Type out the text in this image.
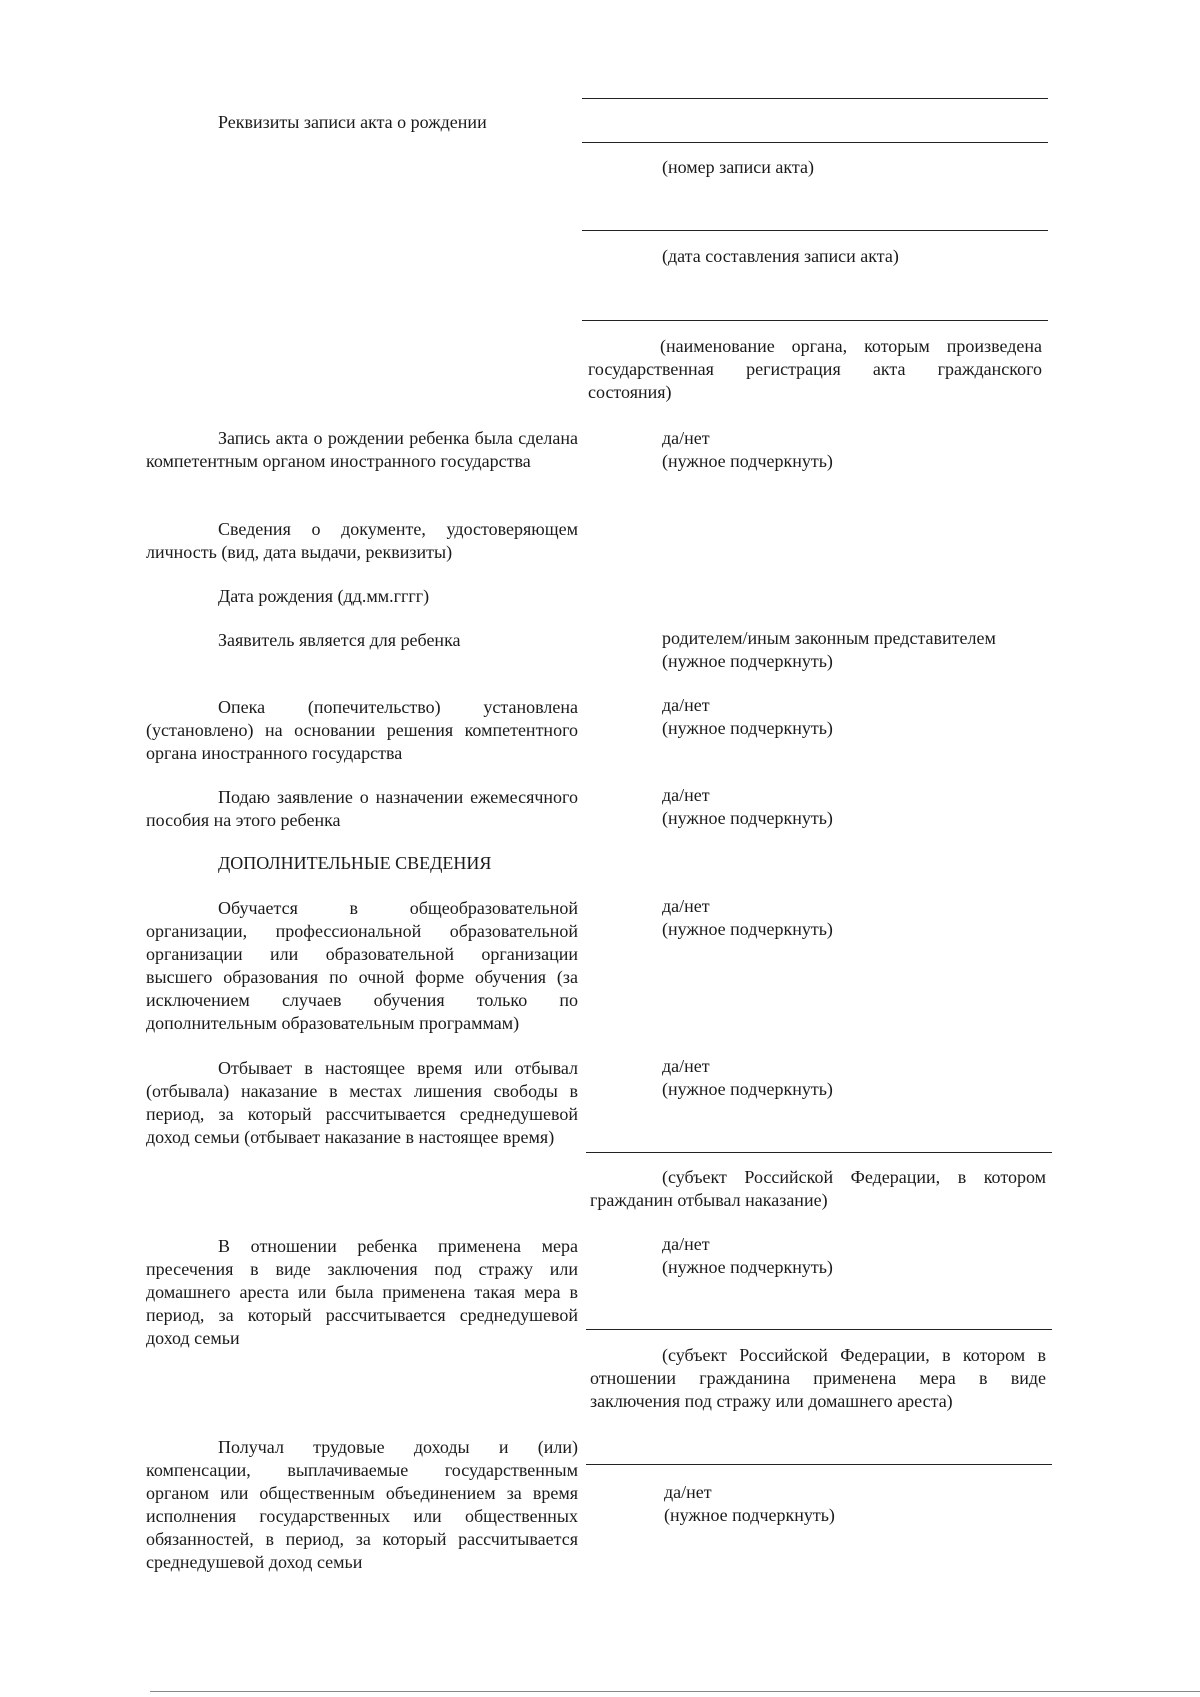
Реквизиты записи акта о рождении

(номер записи акта)

(дата составления записи акта)

(наименование органа, которым произведена государственная регистрация акта гражданского состояния)

Запись акта о рождении ребенка была сделана компетентным органом иностранного государства

да/нет

(нужное подчеркнуть)

Сведения о документе, удостоверяющем личность (вид, дата выдачи, реквизиты)

Дата рождения (дд.мм.гггг)

Заявитель является для ребенка	родителем/иным законным представителем

(нужное подчеркнуть)

Опека (попечительство) установлена (установлено) на основании решения компетентного органа иностранного государства

да/нет

(нужное подчеркнуть)

Подаю заявление о назначении ежемесячного пособия на этого ребенка

да/нет

(нужное подчеркнуть)

ДОПОЛНИТЕЛЬНЫЕ СВЕДЕНИЯ

Обучается в общеобразовательной организации, профессиональной образовательной организации или образовательной организации высшего образования по очной форме обучения (за исключением случаев обучения только по дополнительным образовательным программам)

да/нет

(нужное подчеркнуть)

Отбывает в настоящее время или отбывал (отбывала) наказание в местах лишения свободы в период, за который рассчитывается среднедушевой доход семьи (отбывает наказание в настоящее время)

да/нет

(нужное подчеркнуть)

(субъект Российской Федерации, в котором гражданин отбывал наказание)

В отношении ребенка применена мера пресечения в виде заключения под стражу или домашнего ареста или была применена такая мера в период, за который рассчитывается среднедушевой доход семьи

да/нет

(нужное подчеркнуть)

(субъект Российской Федерации, в котором в отношении гражданина применена мера в виде заключения под стражу или домашнего ареста)

Получал трудовые доходы и (или) компенсации, выплачиваемые государственным органом или общественным объединением за время исполнения государственных или общественных обязанностей, в период, за который рассчитывается среднедушевой доход семьи

да/нет

(нужное подчеркнуть)
